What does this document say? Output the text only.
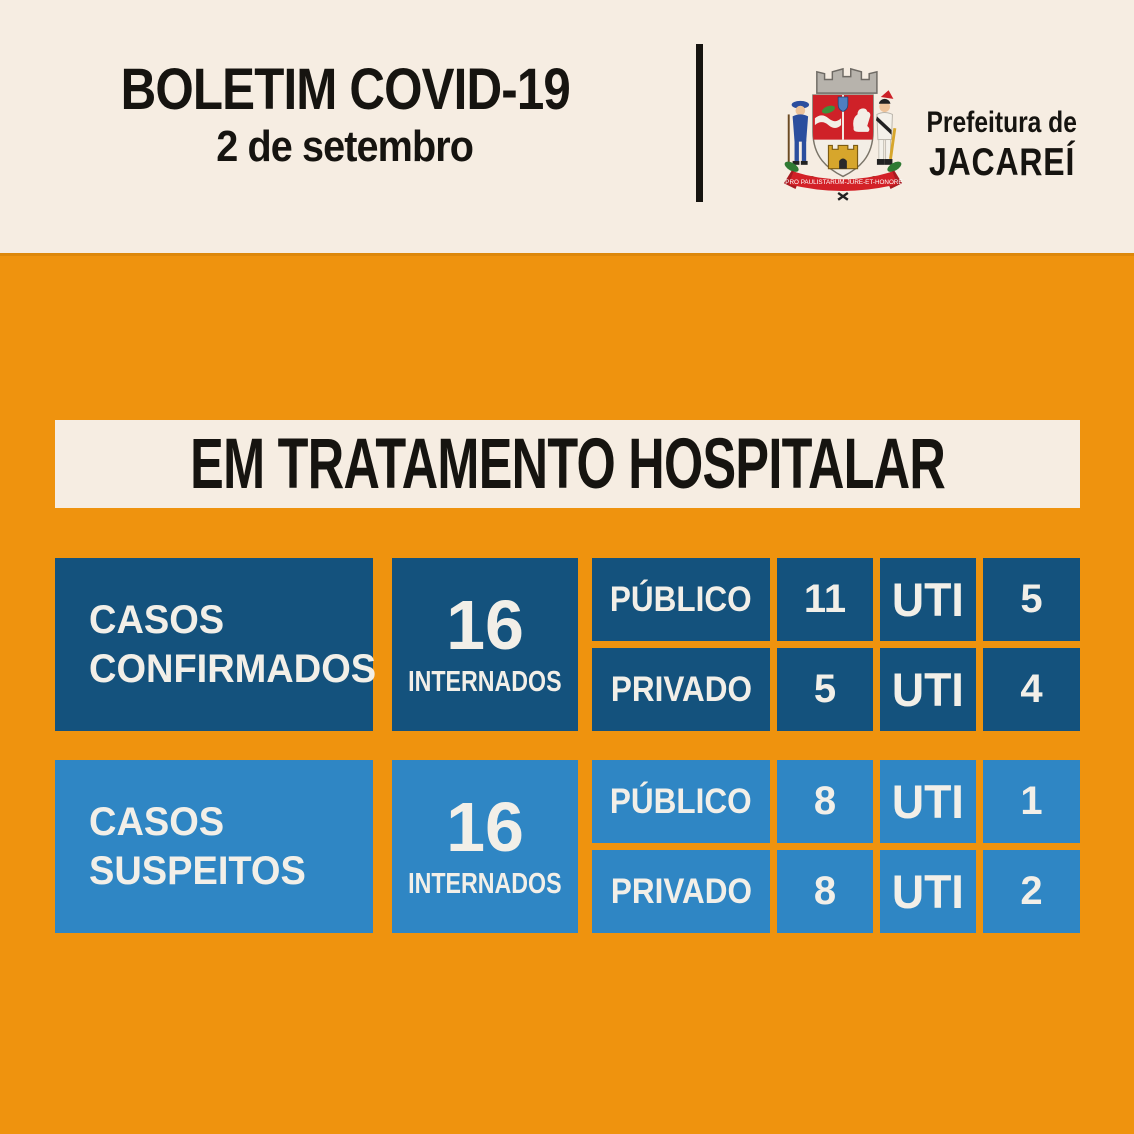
BOLETIM COVID-19
2 de setembro
PRO PAULISTARUM-JURE-ET-HONORE
Prefeitura de
JACAREÍ
EM TRATAMENTO HOSPITALAR
CASOS CONFIRMADOS
16
INTERNADOS
PÚBLICO 11 UTI 5
PRIVADO 5 UTI 4
CASOS SUSPEITOS
16
INTERNADOS
PÚBLICO 8 UTI 1
PRIVADO 8 UTI 2
